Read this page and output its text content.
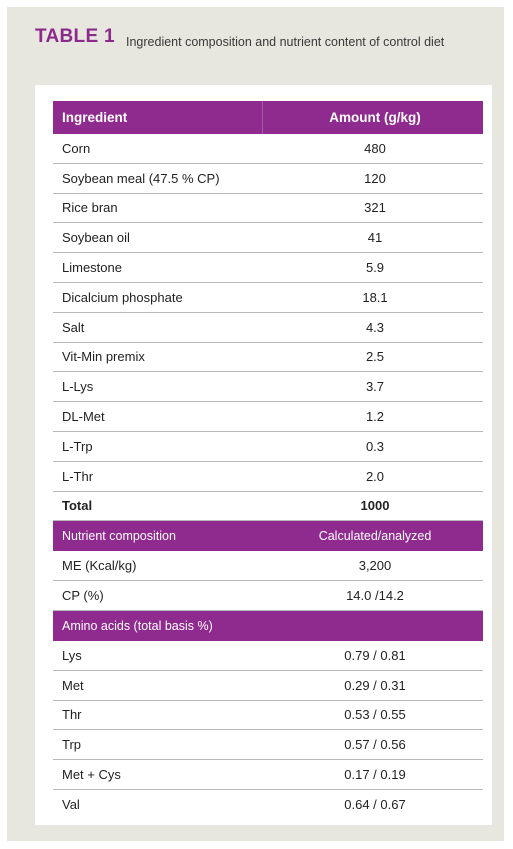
TABLE 1 Ingredient composition and nutrient content of control diet
Ingredient	Amount (g/kg)
Corn	480
Soybean meal (47.5 % CP)	120
Rice bran	321
Soybean oil	41
Limestone	5.9
Dicalcium phosphate	18.1
Salt	4.3
Vit-Min premix	2.5
L-Lys	3.7
DL-Met	1.2
L-Trp	0.3
L-Thr	2.0
Total	1000
Nutrient composition	Calculated/analyzed
ME (Kcal/kg)	3,200
CP (%)	14.0 /14.2
Amino acids (total basis %)
Lys	0.79 / 0.81
Met	0.29 / 0.31
Thr	0.53 / 0.55
Trp	0.57 / 0.56
Met + Cys	0.17 / 0.19
Val	0.64 / 0.67
